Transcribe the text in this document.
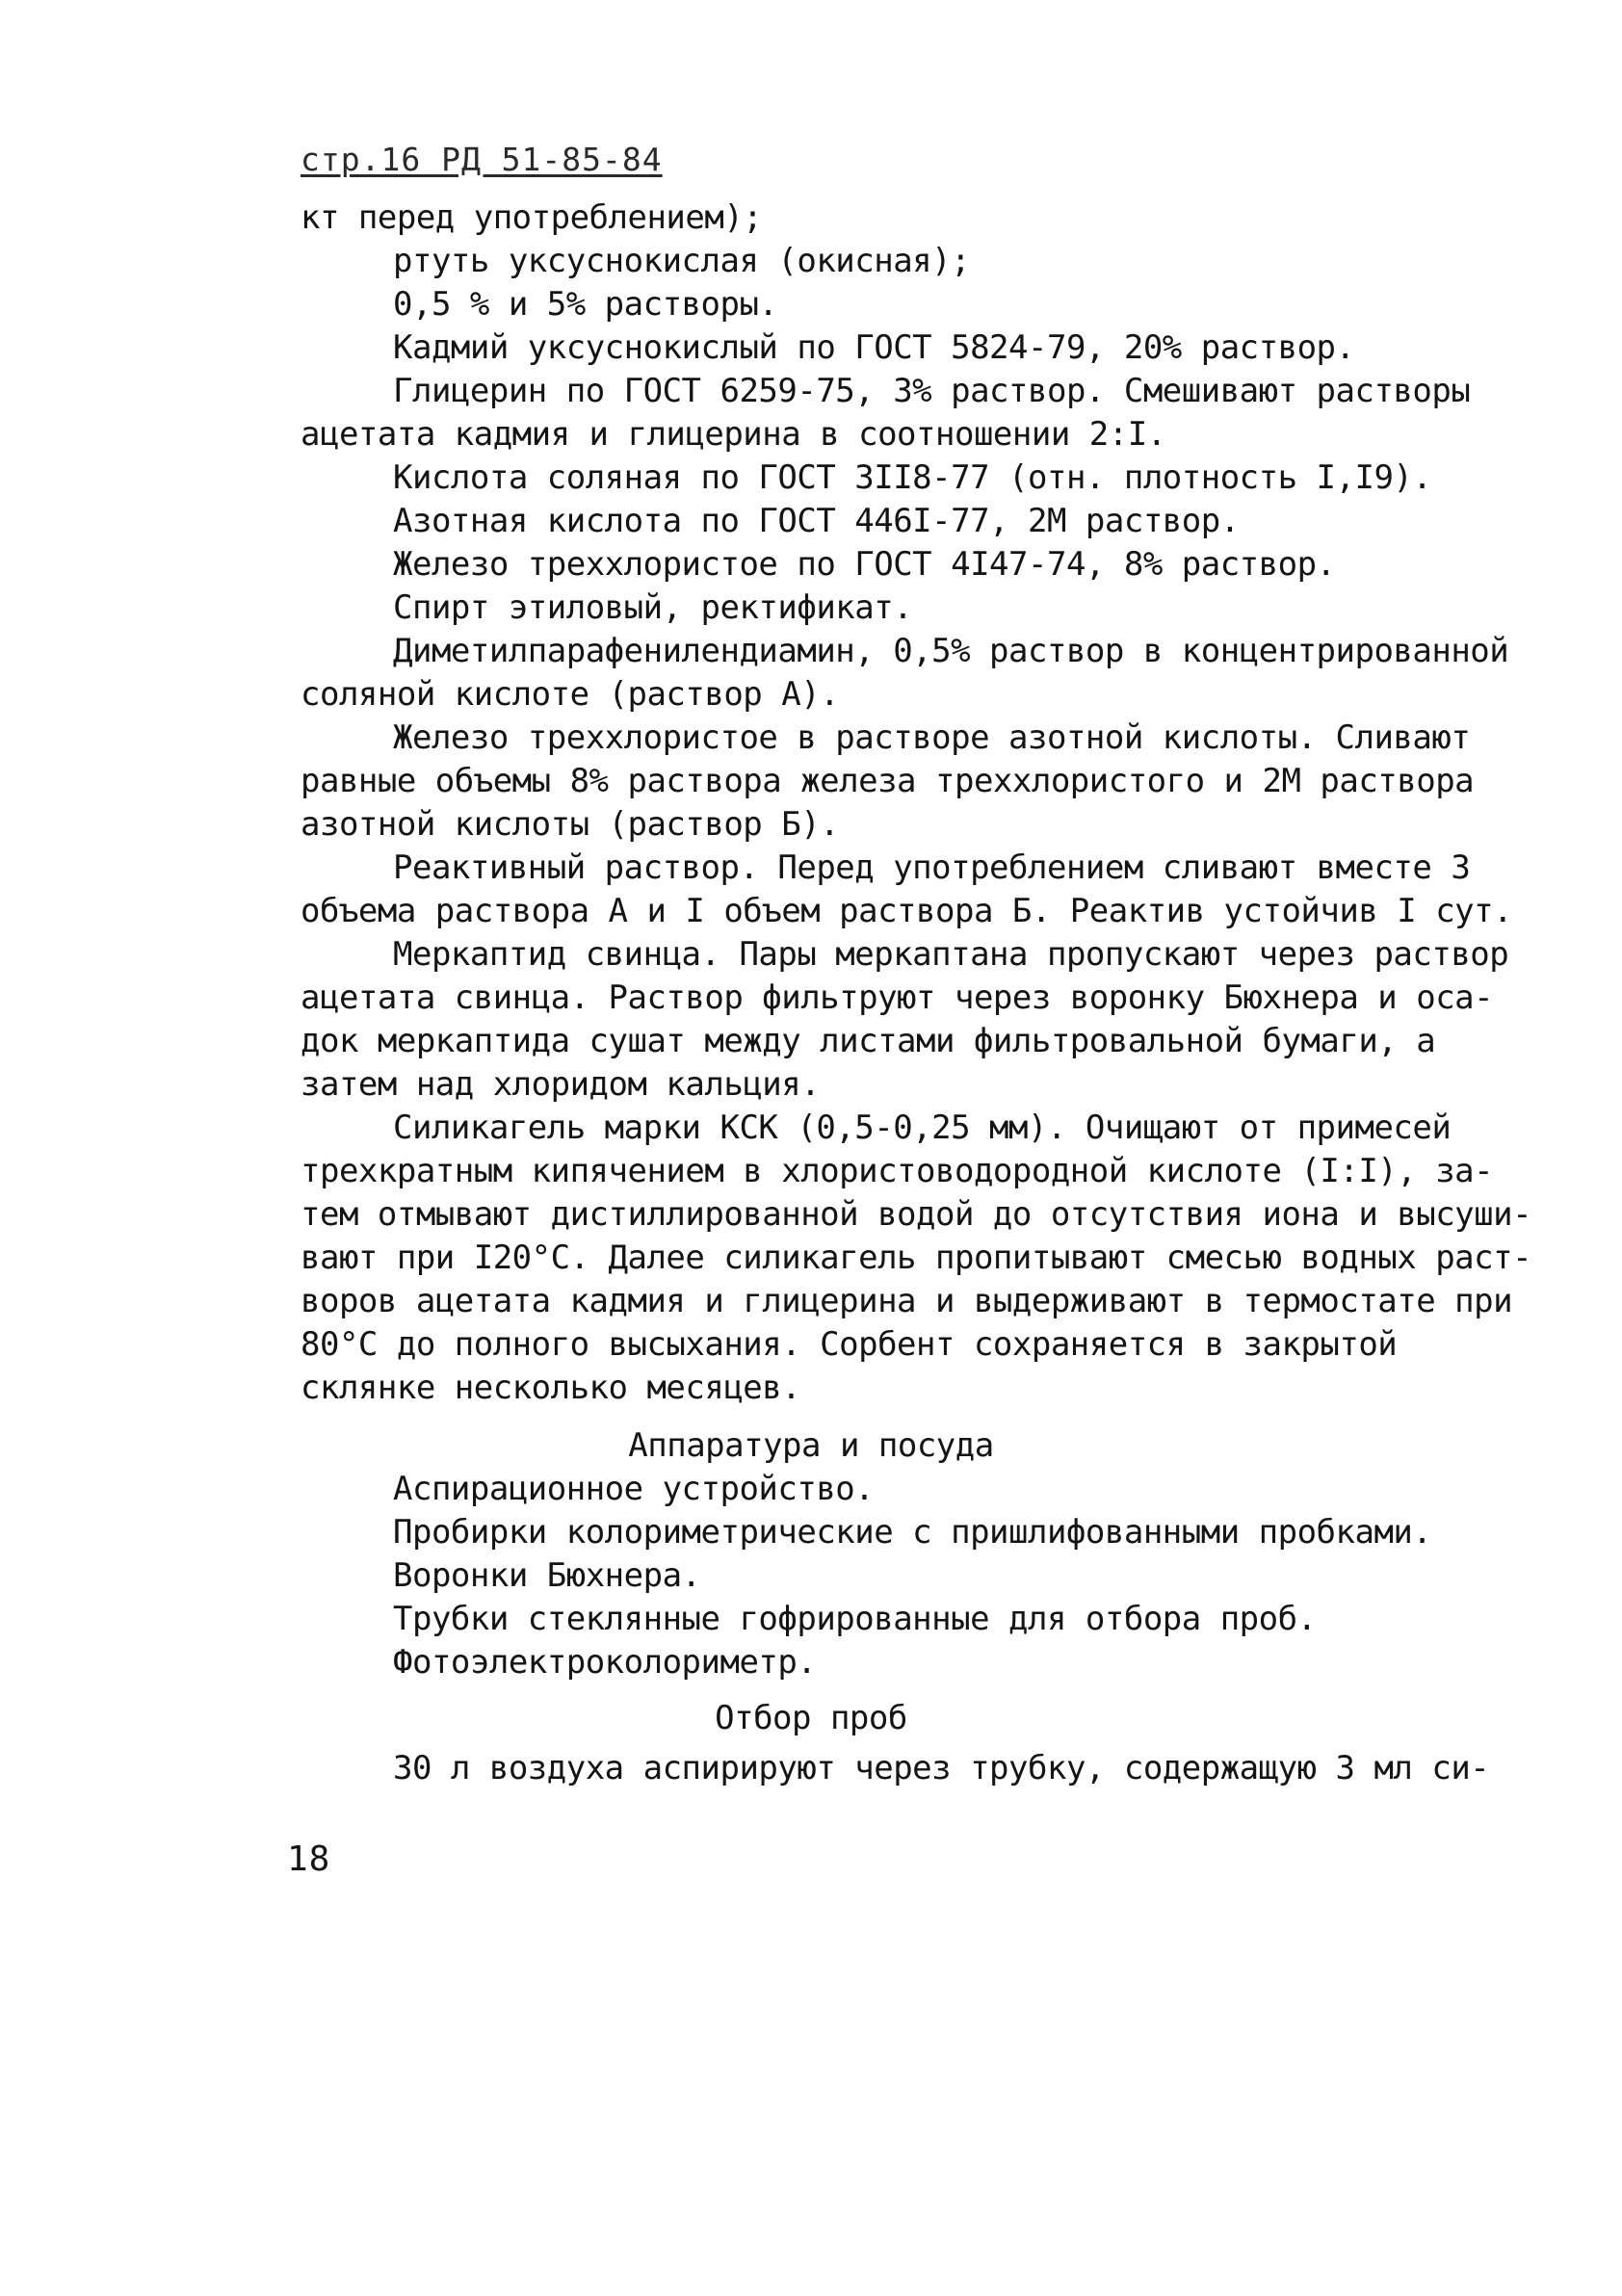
стр.16 РД 51-85-84
кт перед употреблением);
ртуть уксуснокислая (окисная);
0,5 % и 5% растворы.
Кадмий уксуснокислый по ГОСТ 5824-79, 20% раствор.
Глицерин по ГОСТ 6259-75, 3% раствор. Смешивают растворы
ацетата кадмия и глицерина в соотношении 2:I.
Кислота соляная по ГОСТ 3II8-77 (отн. плотность I,I9).
Азотная кислота по ГОСТ 446I-77, 2М раствор.
Железо треххлористое по ГОСТ 4I47-74, 8% раствор.
Спирт этиловый, ректификат.
Диметилпарафенилендиамин, 0,5% раствор в концентрированной
соляной кислоте (раствор А).
Железо треххлористое в растворе азотной кислоты. Сливают
равные объемы 8% раствора железа треххлористого и 2М раствора
азотной кислоты (раствор Б).
Реактивный раствор. Перед употреблением сливают вместе 3
объема раствора А и I объем раствора Б. Реактив устойчив I сут.
Меркаптид свинца. Пары меркаптана пропускают через раствор
ацетата свинца. Раствор фильтруют через воронку Бюхнера и оса-
док меркаптида сушат между листами фильтровальной бумаги, а
затем над хлоридом кальция.
Силикагель марки КСК (0,5-0,25 мм). Очищают от примесей
трехкратным кипячением в хлористоводородной кислоте (I:I), за-
тем отмывают дистиллированной водой до отсутствия иона и высуши-
вают при I20°С. Далее силикагель пропитывают смесью водных раст-
воров ацетата кадмия и глицерина и выдерживают в термостате при
80°С до полного высыхания. Сорбент сохраняется в закрытой
склянке несколько месяцев.
Аппаратура и посуда
Аспирационное устройство.
Пробирки колориметрические с пришлифованными пробками.
Воронки Бюхнера.
Трубки стеклянные гофрированные для отбора проб.
Фотоэлектроколориметр.
Отбор проб
30 л воздуха аспирируют через трубку, содержащую 3 мл си-
18
